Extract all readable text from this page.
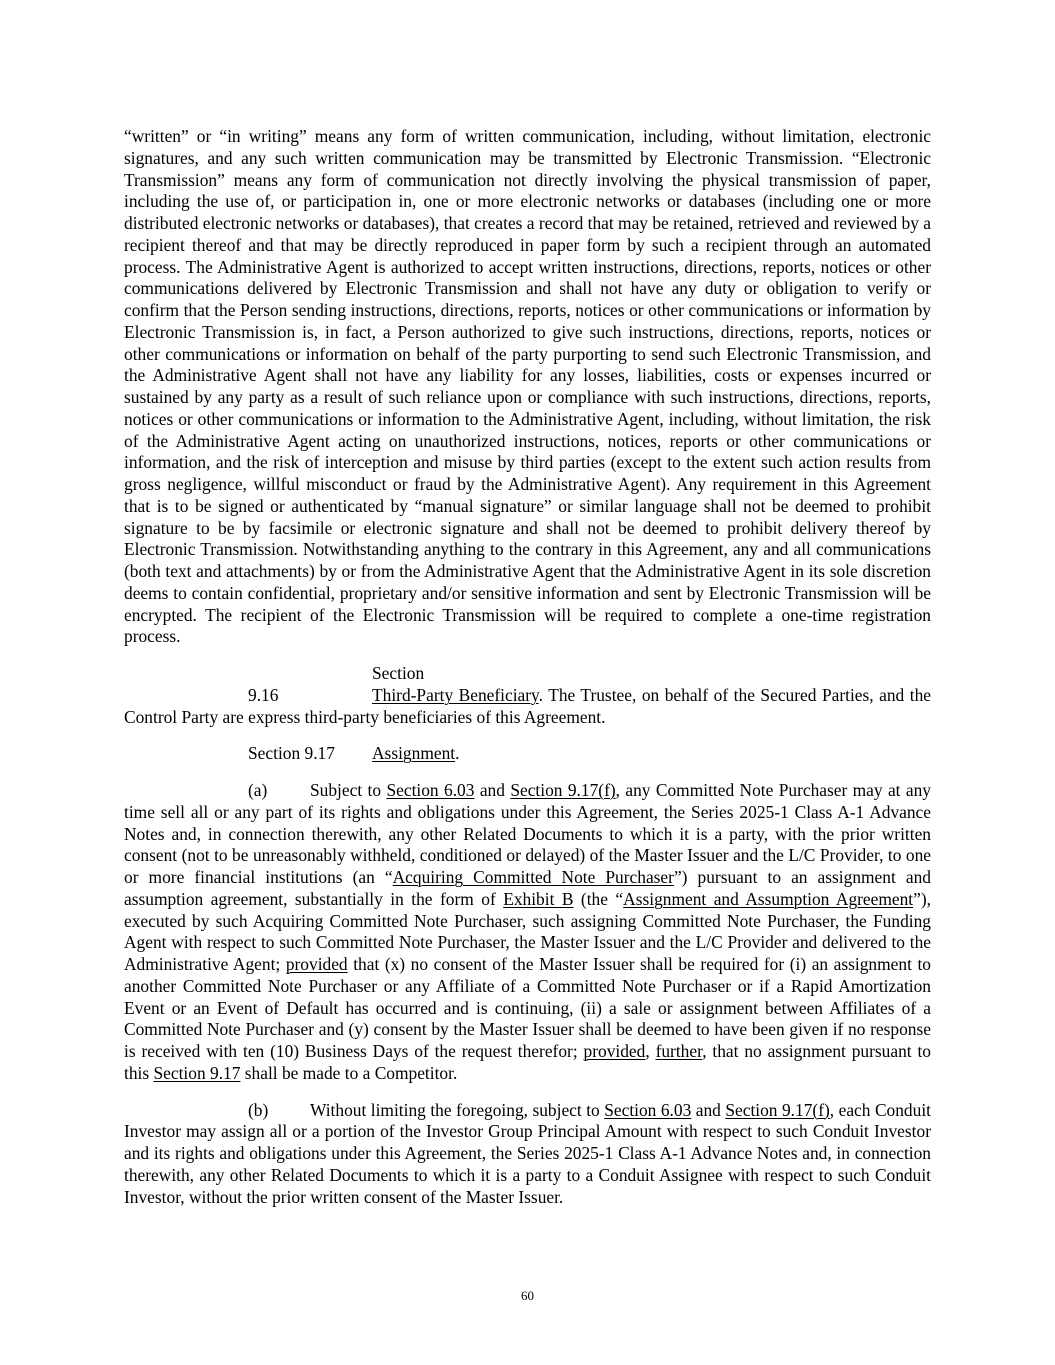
“written” or “in writing” means any form of written communication, including, without limitation, electronic signatures, and any such written communication may be transmitted by Electronic Transmission. “Electronic Transmission” means any form of communication not directly involving the physical transmission of paper, including the use of, or participation in, one or more electronic networks or databases (including one or more distributed electronic networks or databases), that creates a record that may be retained, retrieved and reviewed by a recipient thereof and that may be directly reproduced in paper form by such a recipient through an automated process. The Administrative Agent is authorized to accept written instructions, directions, reports, notices or other communications delivered by Electronic Transmission and shall not have any duty or obligation to verify or confirm that the Person sending instructions, directions, reports, notices or other communications or information by Electronic Transmission is, in fact, a Person authorized to give such instructions, directions, reports, notices or other communications or information on behalf of the party purporting to send such Electronic Transmission, and the Administrative Agent shall not have any liability for any losses, liabilities, costs or expenses incurred or sustained by any party as a result of such reliance upon or compliance with such instructions, directions, reports, notices or other communications or information to the Administrative Agent, including, without limitation, the risk of the Administrative Agent acting on unauthorized instructions, notices, reports or other communications or information, and the risk of interception and misuse by third parties (except to the extent such action results from gross negligence, willful misconduct or fraud by the Administrative Agent). Any requirement in this Agreement that is to be signed or authenticated by “manual signature” or similar language shall not be deemed to prohibit signature to be by facsimile or electronic signature and shall not be deemed to prohibit delivery thereof by Electronic Transmission. Notwithstanding anything to the contrary in this Agreement, any and all communications (both text and attachments) by or from the Administrative Agent that the Administrative Agent in its sole discretion deems to contain confidential, proprietary and/or sensitive information and sent by Electronic Transmission will be encrypted. The recipient of the Electronic Transmission will be required to complete a one-time registration process.

Section 9.16	Third-Party Beneficiary. The Trustee, on behalf of the Secured Parties, and the Control Party are express third-party beneficiaries of this Agreement.

Section 9.17 Assignment.

(a) Subject to Section 6.03 and Section 9.17(f), any Committed Note Purchaser may at any time sell all or any part of its rights and obligations under this Agreement, the Series 2025-1 Class A-1 Advance Notes and, in connection therewith, any other Related Documents to which it is a party, with the prior written consent (not to be unreasonably withheld, conditioned or delayed) of the Master Issuer and the L/C Provider, to one or more financial institutions (an “Acquiring Committed Note Purchaser”) pursuant to an assignment and assumption agreement, substantially in the form of Exhibit B (the “Assignment and Assumption Agreement”), executed by such Acquiring Committed Note Purchaser, such assigning Committed Note Purchaser, the Funding Agent with respect to such Committed Note Purchaser, the Master Issuer and the L/C Provider and delivered to the Administrative Agent; provided that (x) no consent of the Master Issuer shall be required for (i) an assignment to another Committed Note Purchaser or any Affiliate of a Committed Note Purchaser or if a Rapid Amortization Event or an Event of Default has occurred and is continuing, (ii) a sale or assignment between Affiliates of a Committed Note Purchaser and (y) consent by the Master Issuer shall be deemed to have been given if no response is received with ten (10) Business Days of the request therefor; provided, further, that no assignment pursuant to this Section 9.17 shall be made to a Competitor.

(b) Without limiting the foregoing, subject to Section 6.03 and Section 9.17(f), each Conduit Investor may assign all or a portion of the Investor Group Principal Amount with respect to such Conduit Investor and its rights and obligations under this Agreement, the Series 2025-1 Class A-1 Advance Notes and, in connection therewith, any other Related Documents to which it is a party to a Conduit Assignee with respect to such Conduit Investor, without the prior written consent of the Master Issuer.

60
